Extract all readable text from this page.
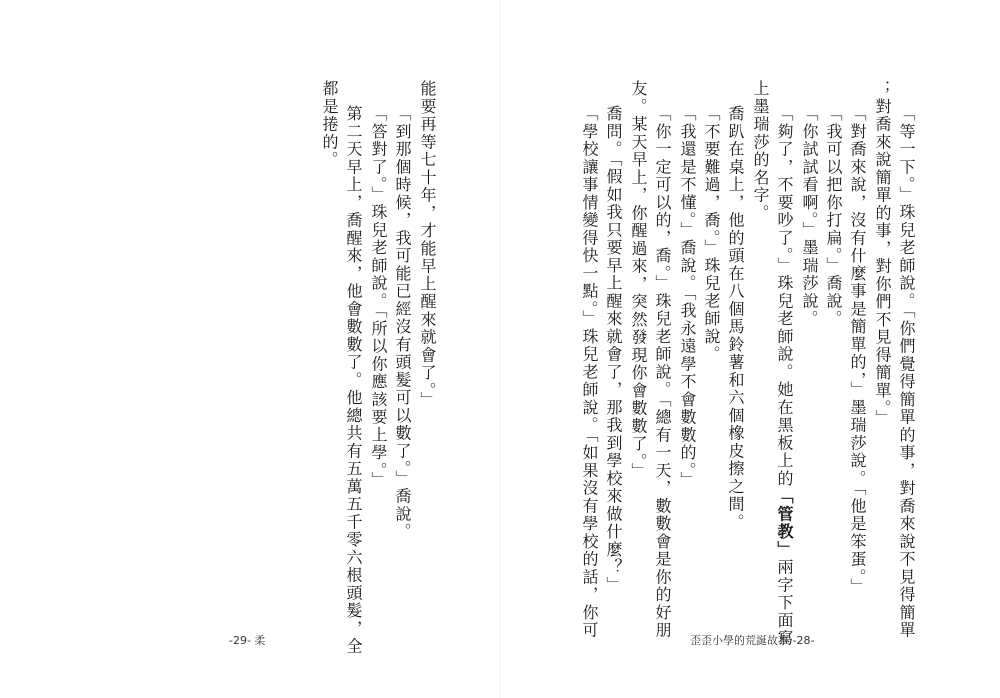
「等一下。」珠兒老師說。「你們覺得簡單的事，對喬來說不見得簡單
；對喬來說簡單的事，對你們不見得簡單。」
「對喬來說，沒有什麼事是簡單的，」墨瑞莎說。「他是笨蛋。」
「我可以把你打扁。」喬說。
「你試試看啊。」墨瑞莎說。
「夠了，不要吵了。」珠兒老師說。她在黑板上的「管教」兩字下面寫
上墨瑞莎的名字。
喬趴在桌上，他的頭在八個馬鈴薯和六個橡皮擦之間。
「不要難過，喬。」珠兒老師說。
「我還是不懂。」喬說。「我永遠學不會數數的。」
「你一定可以的，喬。」珠兒老師說。「總有一天，數數會是你的好朋
友。某天早上，你醒過來，突然發現你會數數了。」
喬問。「假如我只要早上醒來就會了，那我到學校來做什麼？」
「學校讓事情變得快一點。」珠兒老師說。「如果沒有學校的話，你可
歪歪小學的荒誕故事 -28-
能要再等七十年，才能早上醒來就會了。」
「到那個時候，我可能已經沒有頭髮可以數了。」喬說。
「答對了。」珠兒老師說。「所以你應該要上學。」
第二天早上，喬醒來，他會數數了。他總共有五萬五千零六根頭髮，全
都是捲的。
-29- 柔
